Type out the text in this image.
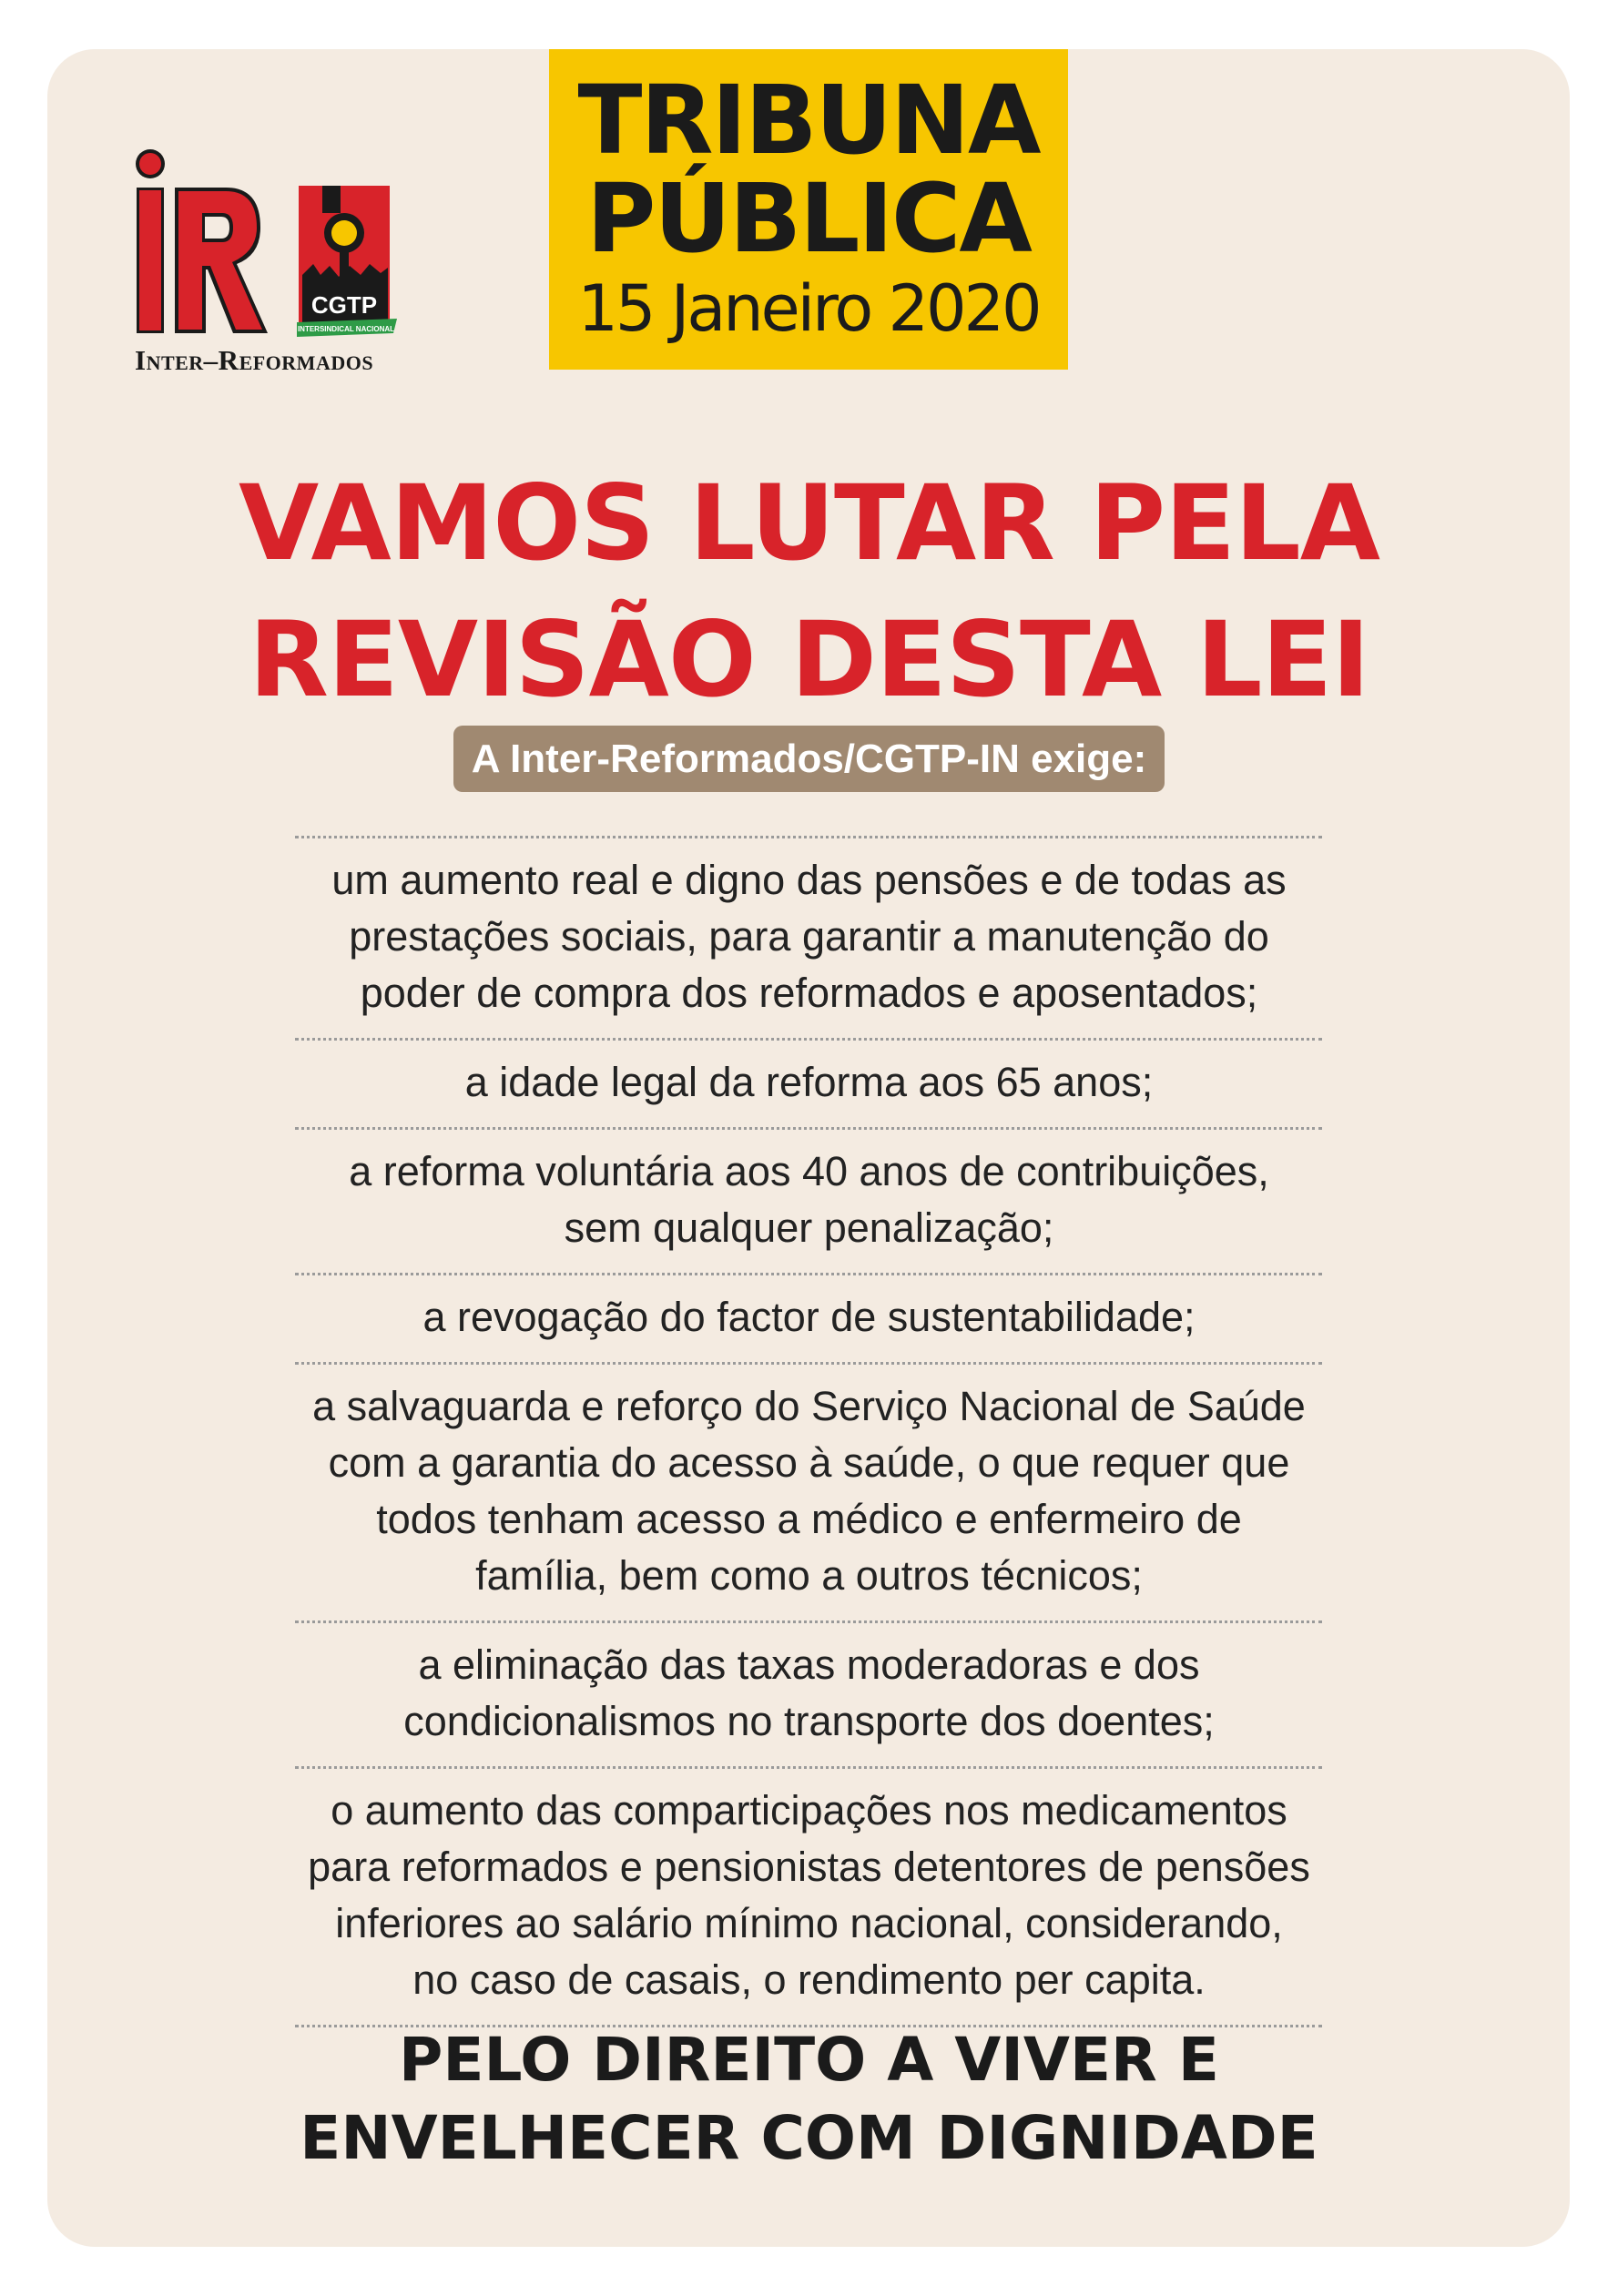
CGTP
INTERSINDICAL NACIONAL
Inter–Reformados
TRIBUNA
PÚBLICA
15 Janeiro 2020
VAMOS LUTAR PELA
REVISÃO DESTA LEI
A Inter-Reformados/CGTP-IN exige:
um aumento real e digno das pensões e de todas as
prestações sociais, para garantir a manutenção do
poder de compra dos reformados e aposentados;
a idade legal da reforma aos 65 anos;
a reforma voluntária aos 40 anos de contribuições,
sem qualquer penalização;
a revogação do factor de sustentabilidade;
a salvaguarda e reforço do Serviço Nacional de Saúde
com a garantia do acesso à saúde, o que requer que
todos tenham acesso a médico e enfermeiro de
família, bem como a outros técnicos;
a eliminação das taxas moderadoras e dos
condicionalismos no transporte dos doentes;
o aumento das comparticipações nos medicamentos
para reformados e pensionistas detentores de pensões
inferiores ao salário mínimo nacional, considerando,
no caso de casais, o rendimento per capita.
PELO DIREITO A VIVER E
ENVELHECER COM DIGNIDADE
